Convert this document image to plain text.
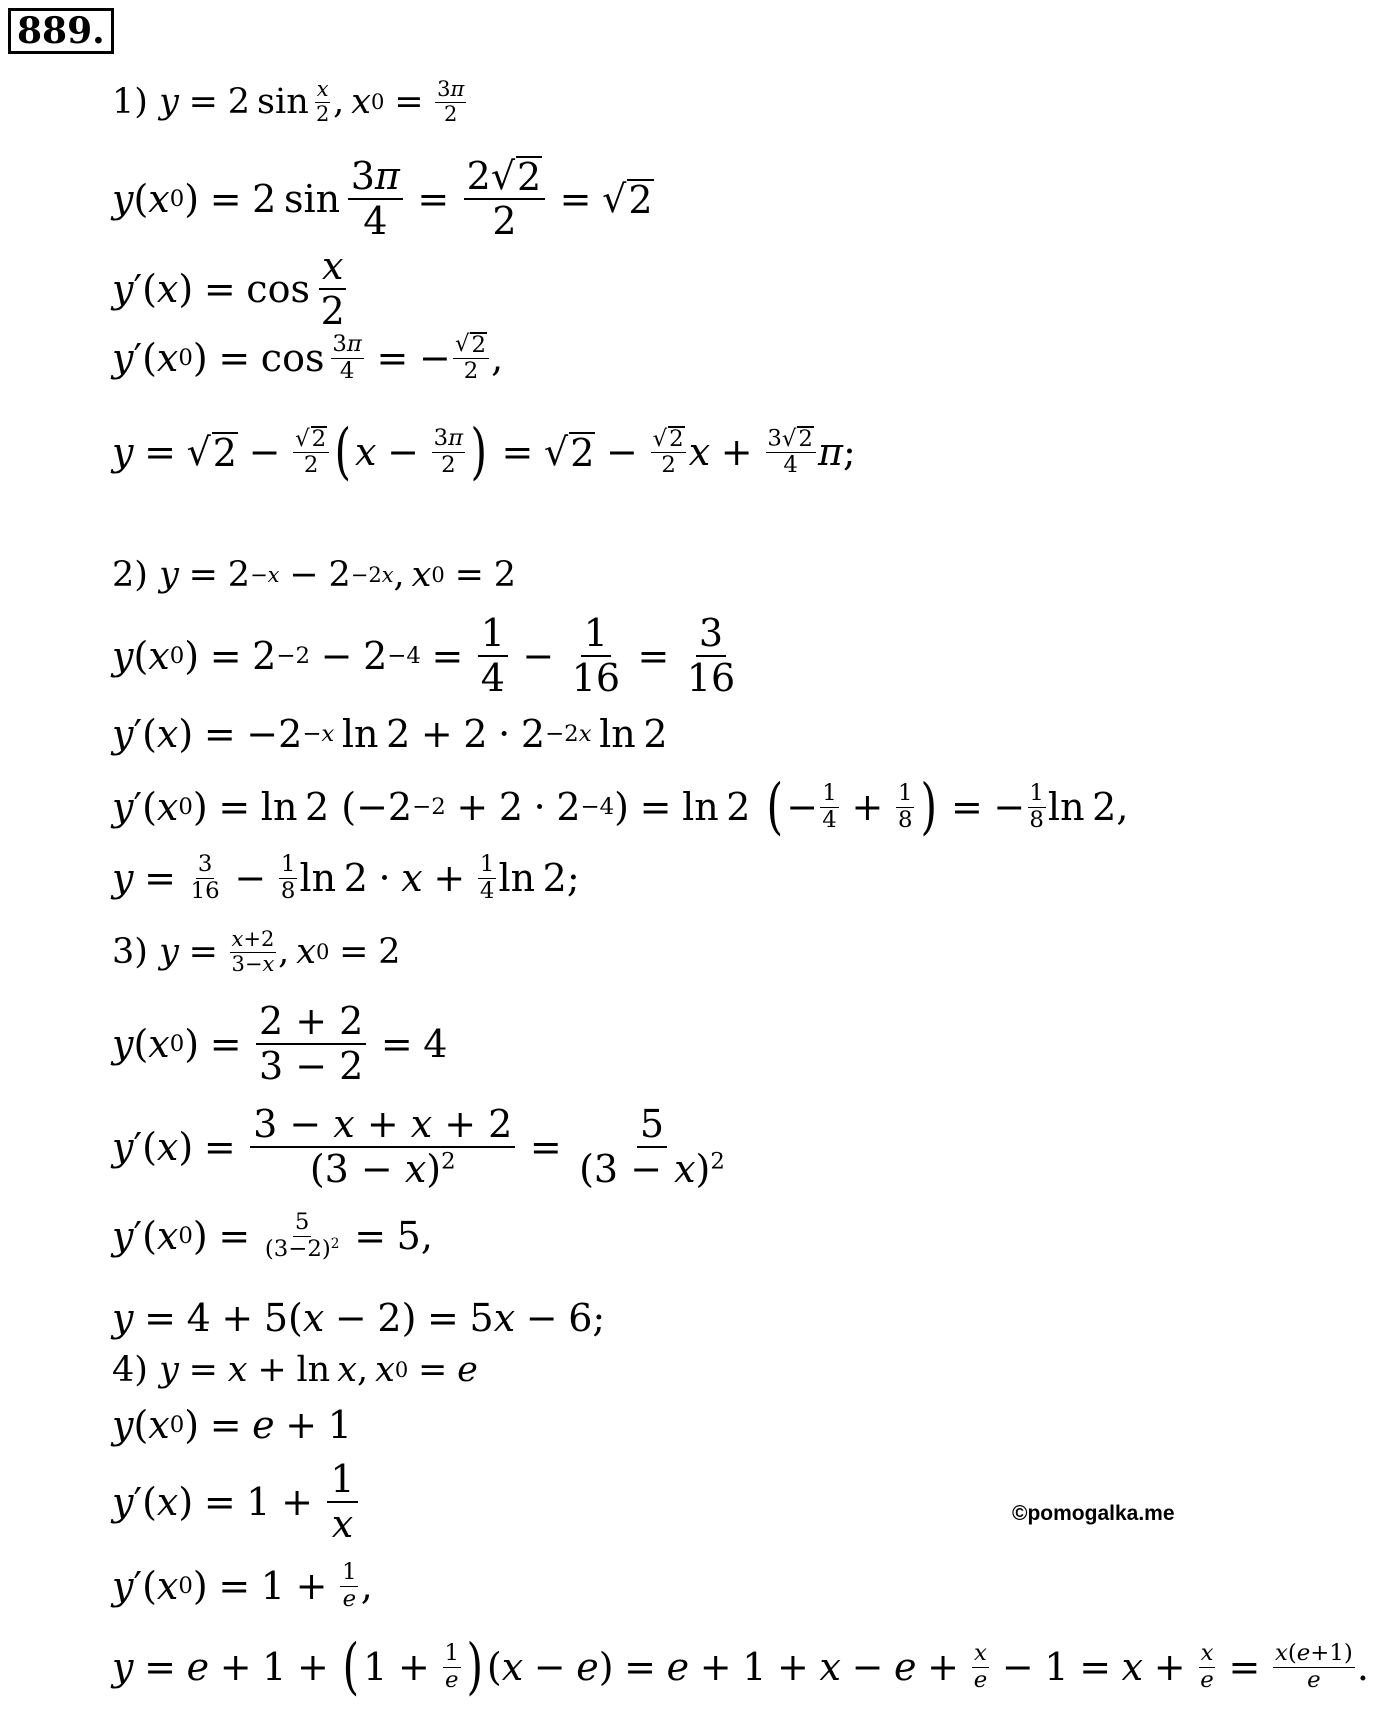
889.
©pomogalka.me
1)
y = 2  $\sin \frac{x}{2}$ ,  x $0 = \frac{3\pi}{2}$
y ( x 0 ) = 2  $\sin \frac{3\pi}{4} = \frac{2 √ 2}{2}$ = √ 2
y ′( x ) = $\cos \frac{x}{2}$
y ′( x 0 ) = $\cos \frac{3\pi}{4}$ = − $\frac{√ 2}{2}$ ,
y = √ $2 - \frac{√ 2}{2}$ ( $x - \frac{3\pi}{2}$ ) = √ $2 - \frac{√ 2}{2}$ $x + \frac{3 √ 2}{4}$ π ;
2)
y = 2 −x − 2 −2x ,  x 0 = 2
y ( x 0 ) = $2 -2 - 2 -4 = \frac{1}{4} - \frac{1}{16} = \frac{3}{16}$
y ′( x ) = −2 −x  ln 2 + 2 · 2 −2x  ln 2
y ′( x 0 ) = ln 2 (−2 −2 + 2 · 2 −4 ) = ln 2 ( − $\frac{1}{4} + \frac{1}{8}$ ) = − $\frac{1}{8}$ ln 2,
$y = \frac{3}{16} - \frac{1}{8}$ $\ln 2 \cdot x + \frac{1}{4}$ ln 2;
3)
$y = \frac{x+2}{3-x}$ ,  x 0 = 2
y ( x 0 ) = $\frac{2 + 2}{3 - 2} = 4$
y ′( x ) = $\frac{3 - x + x + 2}{(3 - x)^2} = \frac{5}{(3 - x)^2}$
y ′( x 0 ) = $\frac{5}{(3-2)^2} = 5$,
y = 4 + 5( x − 2) = 5 x − 6;
4)
y = x + ln  x ,  x 0 = e
y ( x 0 ) = e + 1
y ′( x ) = $1 + \frac{1}{x}$
y ′( x 0 ) = $1 + \frac{1}{e}$ ,
y = e + 1 + ( $1 + \frac{1}{e}$ ) ( x − e ) = $e + 1 + x - e + \frac{x}{e} - 1 = x + \frac{x}{e} = \frac{x(e+1)}{e}$ .
